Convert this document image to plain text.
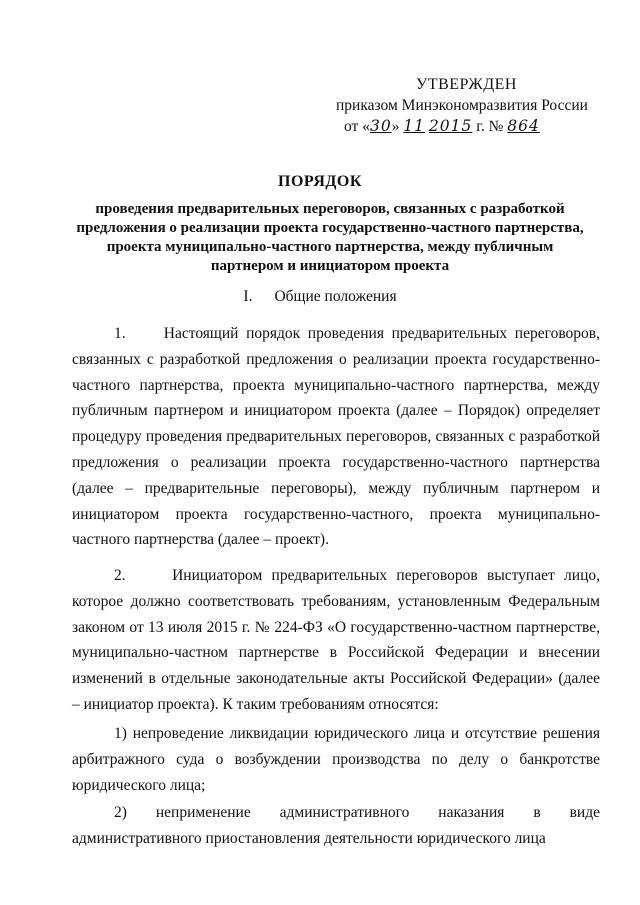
УТВЕРЖДЕН
приказом Минэкономразвития России
от «30» 11 2015 г. № 864
ПОРЯДОК
проведения предварительных переговоров, связанных с разработкой предложения о реализации проекта государственно-частного партнерства, проекта муниципально-частного партнерства, между публичным партнером и инициатором проекта
I. Общие положения

1.     Настоящий порядок проведения предварительных переговоров, связанных с разработкой предложения о реализации проекта государственно-частного партнерства, проекта муниципально-частного партнерства, между публичным партнером и инициатором проекта (далее – Порядок) определяет процедуру проведения предварительных переговоров, связанных с разработкой предложения о реализации проекта государственно-частного партнерства (далее – предварительные переговоры), между публичным партнером и инициатором проекта государственно-частного, проекта муниципально-частного партнерства (далее – проект).

2.     Инициатором предварительных переговоров выступает лицо, которое должно соответствовать требованиям, установленным Федеральным законом от 13 июля 2015 г. № 224-ФЗ «О государственно-частном партнерстве, муниципально-частном партнерстве в Российской Федерации и внесении изменений в отдельные законодательные акты Российской Федерации» (далее – инициатор проекта). К таким требованиям относятся:

1) непроведение ликвидации юридического лица и отсутствие решения арбитражного суда о возбуждении производства по делу о банкротстве юридического лица;

2) неприменение административного наказания в виде административного приостановления деятельности юридического лица
